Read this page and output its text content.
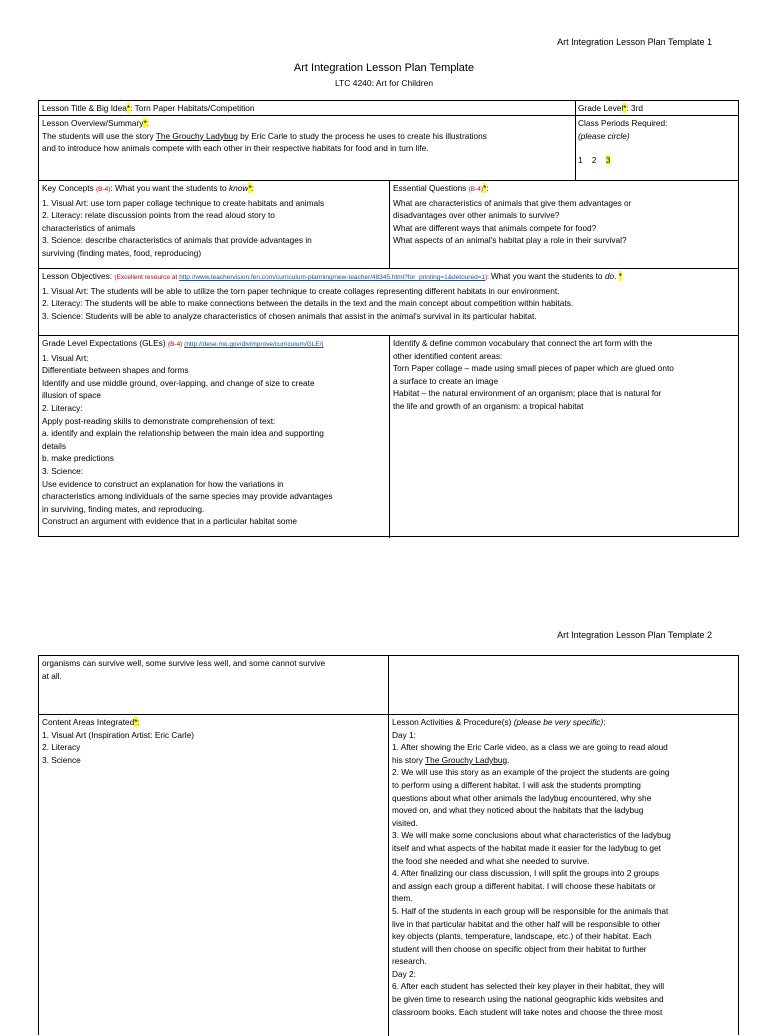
Art Integration Lesson Plan Template 1
Art Integration Lesson Plan Template
LTC 4240: Art for Children
Lesson Title & Big Idea*: Torn Paper Habitats/Competition	Grade Level*: 3rd
Lesson Overview/Summary*:
The students will use the story The Grouchy Ladybug by Eric Carle to study the process he uses to create his illustrations
and to introduce how animals compete with each other in their respective habitats for food and in turn life.
Class Periods Required:
(please circle)
1 2 3
Key Concepts (B-4): What you want the students to know*:
1. Visual Art: use torn paper collage technique to create habitats and animals
2. Literacy: relate discussion points from the read aloud story to
characteristics of animals
3. Science: describe characteristics of animals that provide advantages in
surviving (finding mates, food, reproducing)
Essential Questions (B-4)*:
What are characteristics of animals that give them advantages or
disadvantages over other animals to survive?
What are different ways that animals compete for food?
What aspects of an animal's habitat play a role in their survival?
Lesson Objectives: (Excellent resource at http://www.teachervision.fen.com/curriculum-planning/new-teacher/48345.html?for_printing=1&detoured=1): What you want the students to do. *
1. Visual Art: The students will be able to utilize the torn paper technique to create collages representing different habitats in our environment.
2. Literacy: The students will be able to make connections between the details in the text and the main concept about competition within habitats.
3. Science: Students will be able to analyze characteristics of chosen animals that assist in the animal's survival in its particular habitat.
Grade Level Expectations (GLEs) (B-4) (http://dese.mo.gov/divimprove/curriculum/GLE/)
1. Visual Art:
Differentiate between shapes and forms
Identify and use middle ground, over-lapping, and change of size to create
illusion of space
2. Literacy:
Apply post-reading skills to demonstrate comprehension of text:
a. identify and explain the relationship between the main idea and supporting
details
b. make predictions
3. Science:
Use evidence to construct an explanation for how the variations in
characteristics among individuals of the same species may provide advantages
in surviving, finding mates, and reproducing.
Construct an argument with evidence that in a particular habitat some
Identify & define common vocabulary that connect the art form with the
other identified content areas:
Torn Paper collage – made using small pieces of paper which are glued onto
a surface to create an image
Habitat – the natural environment of an organism; place that is natural for
the life and growth of an organism: a tropical habitat
Art Integration Lesson Plan Template 2
organisms can survive well, some survive less well, and some cannot survive
at all.
Content Areas Integrated*:
1. Visual Art (Inspiration Artist: Eric Carle)
2. Literacy
3. Science
Lesson Activities & Procedure(s) (please be very specific):
Day 1:
1. After showing the Eric Carle video, as a class we are going to read aloud
his story The Grouchy Ladybug.
2. We will use this story as an example of the project the students are going
to perform using a different habitat. I will ask the students prompting
questions about what other animals the ladybug encountered, why she
moved on, and what they noticed about the habitats that the ladybug
visited.
3. We will make some conclusions about what characteristics of the ladybug
itself and what aspects of the habitat made it easier for the ladybug to get
the food she needed and what she needed to survive.
4. After finalizing our class discussion, I will split the groups into 2 groups
and assign each group a different habitat. I will choose these habitats or
them.
5. Half of the students in each group will be responsible for the animals that
live in that particular habitat and the other half will be responsible to other
key objects (plants, temperature, landscape, etc.) of their habitat. Each
student will then choose on specific object from their habitat to further
research.
Day 2:
6. After each student has selected their key player in their habitat, they will
be given time to research using the national geographic kids websites and
classroom books. Each student will take notes and choose the three most
